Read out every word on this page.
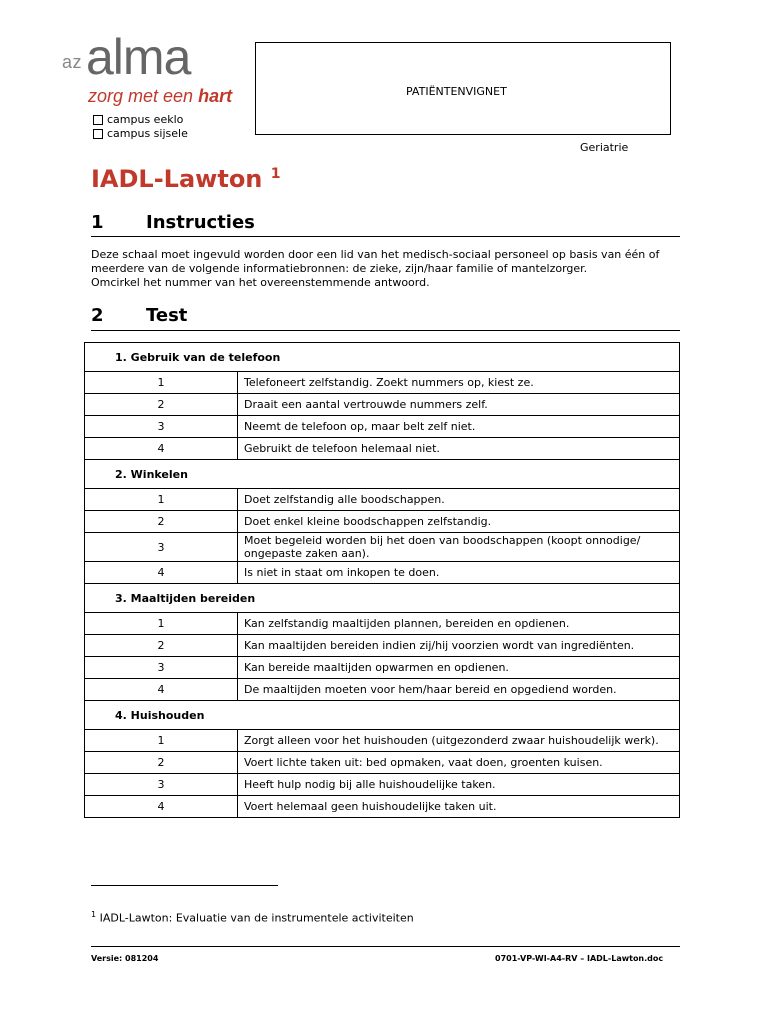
az alma
zorg met een hart
campus eeklo
campus sijsele
PATIËNTENVIGNET
Geriatrie
IADL-Lawton $^1$
1 Instructies
Deze schaal moet ingevuld worden door een lid van het medisch-sociaal personeel op basis van één of
meerdere van de volgende informatiebronnen: de zieke, zijn/haar familie of mantelzorger.
Omcirkel het nummer van het overeenstemmende antwoord.
2 Test
1. Gebruik van de telefoon	
1	Telefoneert zelfstandig. Zoekt nummers op, kiest ze.
2	Draait een aantal vertrouwde nummers zelf.
3	Neemt de telefoon op, maar belt zelf niet.
4	Gebruikt de telefoon helemaal niet.
2. Winkelen	
1	Doet zelfstandig alle boodschappen.
2	Doet enkel kleine boodschappen zelfstandig.
3	Moet begeleid worden bij het doen van boodschappen (koopt onnodige/ ongepaste zaken aan).
4	Is niet in staat om inkopen te doen.
3. Maaltijden bereiden	
1	Kan zelfstandig maaltijden plannen, bereiden en opdienen.
2	Kan maaltijden bereiden indien zij/hij voorzien wordt van ingrediënten.
3	Kan bereide maaltijden opwarmen en opdienen.
4	De maaltijden moeten voor hem/haar bereid en opgediend worden.
4. Huishouden	
1	Zorgt alleen voor het huishouden (uitgezonderd zwaar huishoudelijk werk).
2	Voert lichte taken uit: bed opmaken, vaat doen, groenten kuisen.
3	Heeft hulp nodig bij alle huishoudelijke taken.
4	Voert helemaal geen huishoudelijke taken uit.
$^1$ IADL-Lawton: Evaluatie van de instrumentele activiteiten
Versie: 081204	0701-VP-WI-A4-RV – IADL-Lawton.doc
